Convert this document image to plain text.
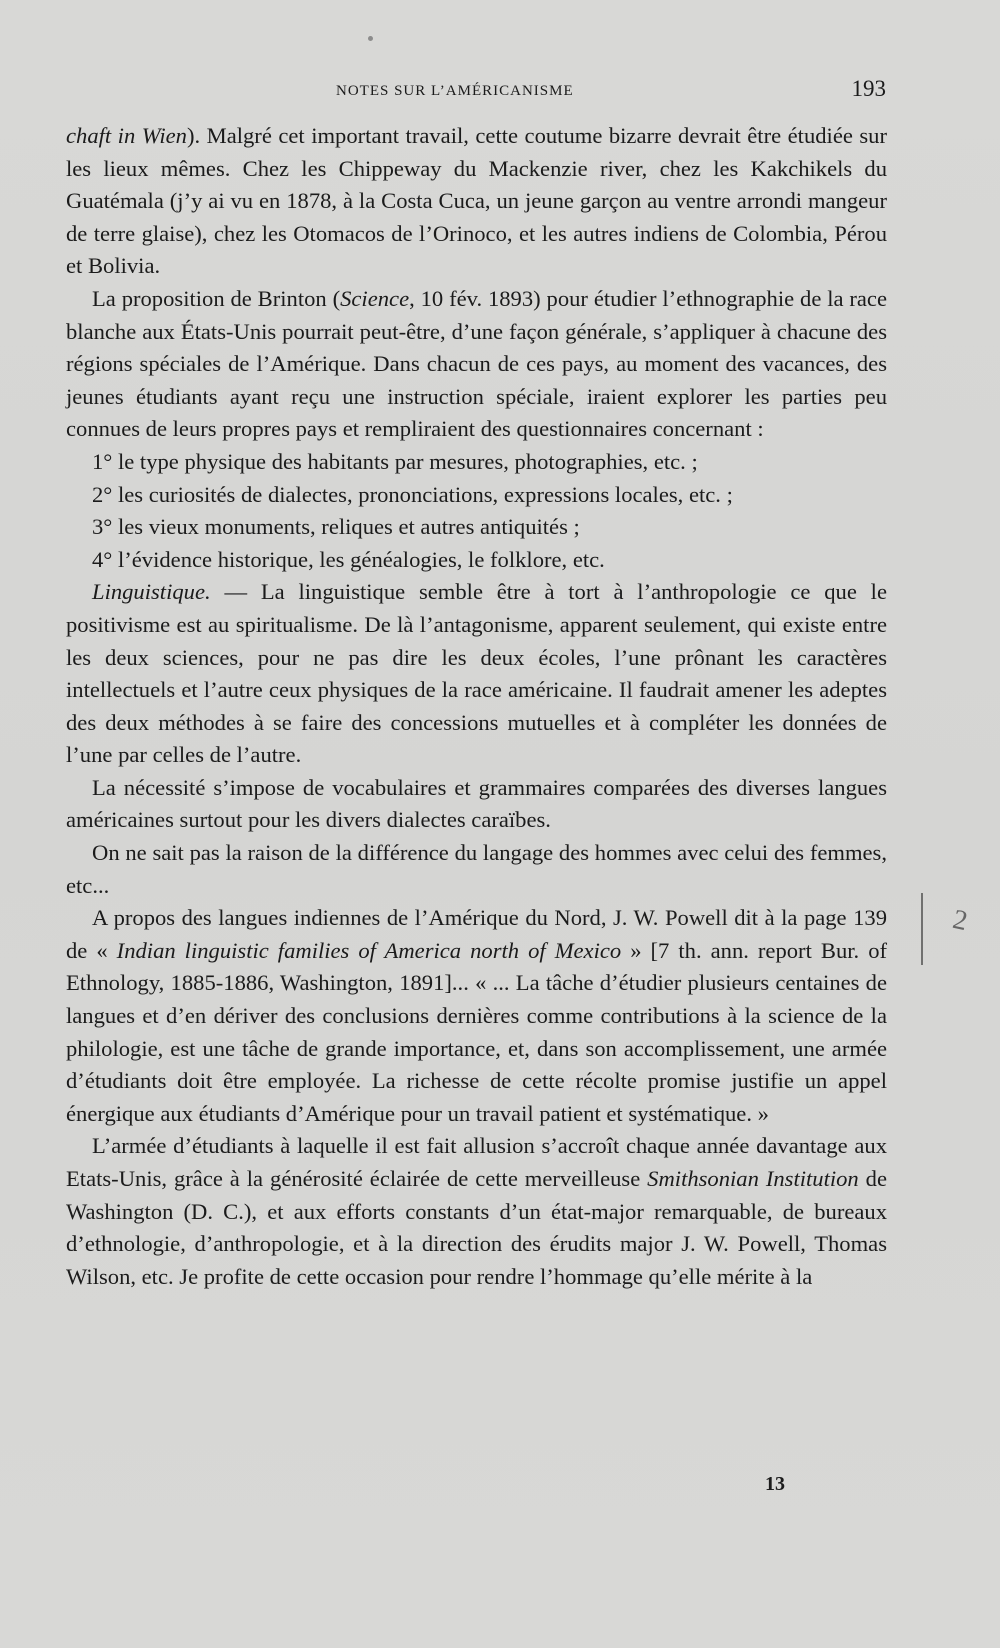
NOTES SUR L’AMÉRICANISME	193

chaft in Wien). Malgré cet important travail, cette coutume bizarre devrait être étudiée sur les lieux mêmes. Chez les Chippeway du Mackenzie river, chez les Kakchikels du Guatémala (j’y ai vu en 1878, à la Costa Cuca, un jeune garçon au ventre arrondi mangeur de terre glaise), chez les Otomacos de l’Orinoco, et les autres indiens de Colombia, Pérou et Bolivia.

La proposition de Brinton (Science, 10 fév. 1893) pour étudier l’ethnographie de la race blanche aux États-Unis pourrait peut-être, d’une façon générale, s’appliquer à chacune des régions spéciales de l’Amérique. Dans chacun de ces pays, au moment des vacances, des jeunes étudiants ayant reçu une instruction spéciale, iraient explorer les parties peu connues de leurs propres pays et rempliraient des questionnaires concernant :

1° le type physique des habitants par mesures, photographies, etc. ;

2° les curiosités de dialectes, prononciations, expressions locales, etc. ;

3° les vieux monuments, reliques et autres antiquités ;

4° l’évidence historique, les généalogies, le folklore, etc.

Linguistique. — La linguistique semble être à tort à l’anthropologie ce que le positivisme est au spiritualisme. De là l’antagonisme, apparent seulement, qui existe entre les deux sciences, pour ne pas dire les deux écoles, l’une prônant les caractères intellectuels et l’autre ceux physiques de la race américaine. Il faudrait amener les adeptes des deux méthodes à se faire des concessions mutuelles et à compléter les données de l’une par celles de l’autre.

La nécessité s’impose de vocabulaires et grammaires comparées des diverses langues américaines surtout pour les divers dialectes caraïbes.

On ne sait pas la raison de la différence du langage des hommes avec celui des femmes, etc...

A propos des langues indiennes de l’Amérique du Nord, J. W. Powell dit à la page 139 de « Indian linguistic families of America north of Mexico » [7 th. ann. report Bur. of Ethnology, 1885-1886, Washington, 1891]... « ... La tâche d’étudier plusieurs centaines de langues et d’en dériver des conclusions dernières comme contributions à la science de la philologie, est une tâche de grande importance, et, dans son accomplissement, une armée d’étudiants doit être employée. La richesse de cette récolte promise justifie un appel énergique aux étudiants d’Amérique pour un travail patient et systématique. »

L’armée d’étudiants à laquelle il est fait allusion s’accroît chaque année davantage aux Etats-Unis, grâce à la générosité éclairée de cette merveilleuse Smithsonian Institution de Washington (D. C.), et aux efforts constants d’un état-major remarquable, de bureaux d’ethnologie, d’anthropologie, et à la direction des érudits major J. W. Powell, Thomas Wilson, etc. Je profite de cette occasion pour rendre l’hommage qu’elle mérite à la

13
2
